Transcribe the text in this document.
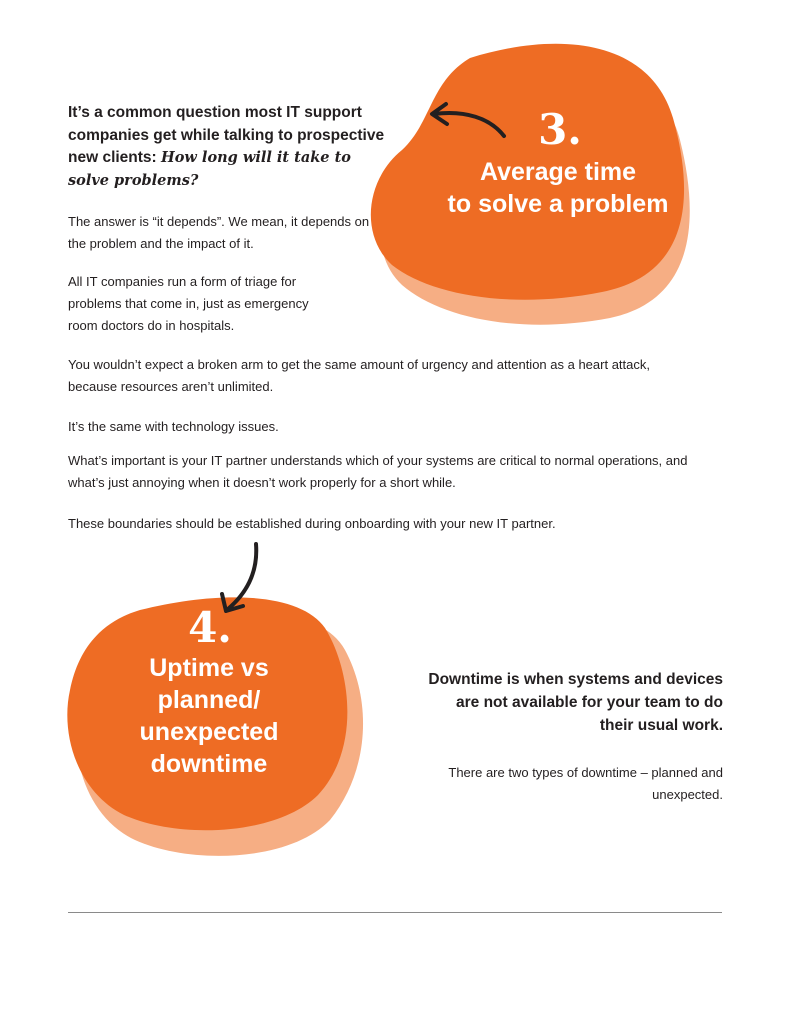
3.
Average time
to solve a problem
It’s a common question most IT support companies get while talking to prospective new clients: How long will it take to solve problems?

The answer is “it depends”. We mean, it depends on the problem and the impact of it.

All IT companies run a form of triage for problems that come in, just as emergency room doctors do in hospitals.

You wouldn’t expect a broken arm to get the same amount of urgency and attention as a heart attack, because resources aren’t unlimited.

It’s the same with technology issues.

What’s important is your IT partner understands which of your systems are critical to normal operations, and what’s just annoying when it doesn’t work properly for a short while.

These boundaries should be established during onboarding with your new IT partner.

4.
Uptime vs
planned/
unexpected
downtime
Downtime is when systems and devices are not available for your team to do their usual work.
There are two types of downtime – planned and unexpected.
